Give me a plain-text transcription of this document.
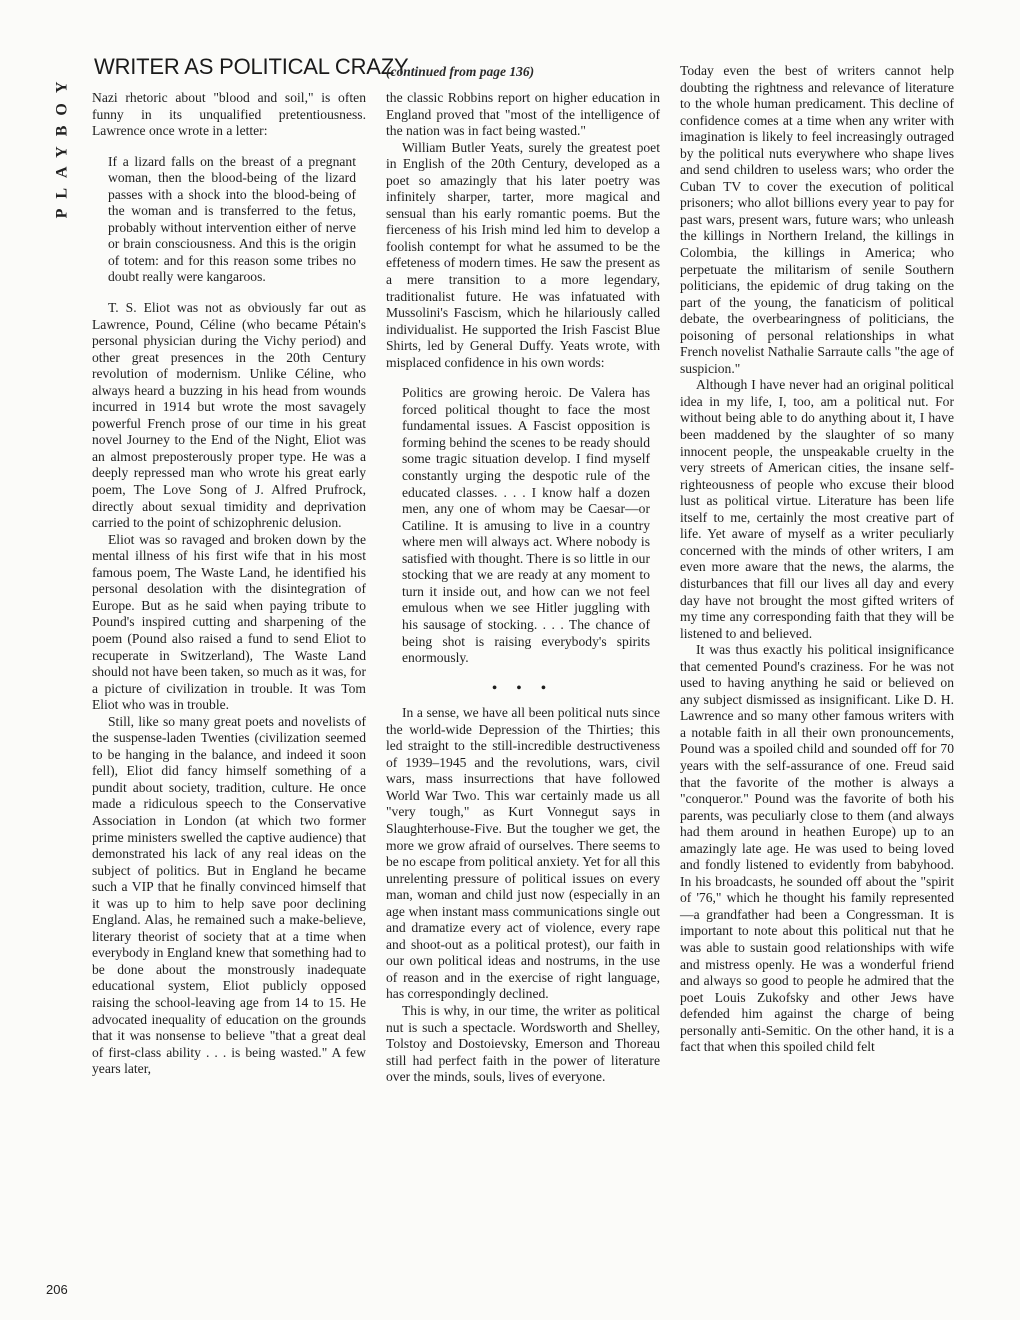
PLAYBOY
WRITER AS POLITICAL CRAZY
(continued from page 136)

Nazi rhetoric about "blood and soil," is often funny in its unqualified pretentiousness. Lawrence once wrote in a letter:

If a lizard falls on the breast of a pregnant woman, then the blood-being of the lizard passes with a shock into the blood-being of the woman and is transferred to the fetus, probably without intervention either of nerve or brain consciousness. And this is the origin of totem: and for this reason some tribes no doubt really were kangaroos.

T. S. Eliot was not as obviously far out as Lawrence, Pound, Céline (who became Pétain's personal physician during the Vichy period) and other great presences in the 20th Century revolution of modernism. Unlike Céline, who always heard a buzzing in his head from wounds incurred in 1914 but wrote the most savagely powerful French prose of our time in his great novel Journey to the End of the Night, Eliot was an almost preposterously proper type. He was a deeply repressed man who wrote his great early poem, The Love Song of J. Alfred Prufrock, directly about sexual timidity and deprivation carried to the point of schizophrenic delusion.

Eliot was so ravaged and broken down by the mental illness of his first wife that in his most famous poem, The Waste Land, he identified his personal desolation with the disintegration of Europe. But as he said when paying tribute to Pound's inspired cutting and sharpening of the poem (Pound also raised a fund to send Eliot to recuperate in Switzerland), The Waste Land should not have been taken, so much as it was, for a picture of civilization in trouble. It was Tom Eliot who was in trouble.

Still, like so many great poets and novelists of the suspense-laden Twenties (civilization seemed to be hanging in the balance, and indeed it soon fell), Eliot did fancy himself something of a pundit about society, tradition, culture. He once made a ridiculous speech to the Conservative Association in London (at which two former prime ministers swelled the captive audience) that demonstrated his lack of any real ideas on the subject of politics. But in England he became such a VIP that he finally convinced himself that it was up to him to help save poor declining England. Alas, he remained such a make-believe, literary theorist of society that at a time when everybody in England knew that something had to be done about the monstrously inadequate educational system, Eliot publicly opposed raising the school-leaving age from 14 to 15. He advocated inequality of education on the grounds that it was nonsense to believe "that a great deal of first-class ability . . . is being wasted." A few years later,

the classic Robbins report on higher education in England proved that "most of the intelligence of the nation was in fact being wasted."

William Butler Yeats, surely the greatest poet in English of the 20th Century, developed as a poet so amazingly that his later poetry was infinitely sharper, tarter, more magical and sensual than his early romantic poems. But the fierceness of his Irish mind led him to develop a foolish contempt for what he assumed to be the effeteness of modern times. He saw the present as a mere transition to a more legendary, traditionalist future. He was infatuated with Mussolini's Fascism, which he hilariously called individualist. He supported the Irish Fascist Blue Shirts, led by General Duffy. Yeats wrote, with misplaced confidence in his own words:

Politics are growing heroic. De Valera has forced political thought to face the most fundamental issues. A Fascist opposition is forming behind the scenes to be ready should some tragic situation develop. I find myself constantly urging the despotic rule of the educated classes. . . . I know half a dozen men, any one of whom may be Caesar—or Catiline. It is amusing to live in a country where men will always act. Where nobody is satisfied with thought. There is so little in our stocking that we are ready at any moment to turn it inside out, and how can we not feel emulous when we see Hitler juggling with his sausage of stocking. . . . The chance of being shot is raising everybody's spirits enormously.

• • •

In a sense, we have all been political nuts since the world-wide Depression of the Thirties; this led straight to the still-incredible destructiveness of 1939–1945 and the revolutions, wars, civil wars, mass insurrections that have followed World War Two. This war certainly made us all "very tough," as Kurt Vonnegut says in Slaughterhouse-Five. But the tougher we get, the more we grow afraid of ourselves. There seems to be no escape from political anxiety. Yet for all this unrelenting pressure of political issues on every man, woman and child just now (especially in an age when instant mass communications single out and dramatize every act of violence, every rape and shoot-out as a political protest), our faith in our own political ideas and nostrums, in the use of reason and in the exercise of right language, has correspondingly declined.

This is why, in our time, the writer as political nut is such a spectacle. Wordsworth and Shelley, Tolstoy and Dostoievsky, Emerson and Thoreau still had perfect faith in the power of literature over the minds, souls, lives of everyone.

Today even the best of writers cannot help doubting the rightness and relevance of literature to the whole human predicament. This decline of confidence comes at a time when any writer with imagination is likely to feel increasingly outraged by the political nuts everywhere who shape lives and send children to useless wars; who order the Cuban TV to cover the execution of political prisoners; who allot billions every year to pay for past wars, present wars, future wars; who unleash the killings in Northern Ireland, the killings in Colombia, the killings in America; who perpetuate the militarism of senile Southern politicians, the epidemic of drug taking on the part of the young, the fanaticism of political debate, the overbearingness of politicians, the poisoning of personal relationships in what French novelist Nathalie Sarraute calls "the age of suspicion."

Although I have never had an original political idea in my life, I, too, am a political nut. For without being able to do anything about it, I have been maddened by the slaughter of so many innocent people, the unspeakable cruelty in the very streets of American cities, the insane self-righteousness of people who excuse their blood lust as political virtue. Literature has been life itself to me, certainly the most creative part of life. Yet aware of myself as a writer peculiarly concerned with the minds of other writers, I am even more aware that the news, the alarms, the disturbances that fill our lives all day and every day have not brought the most gifted writers of my time any corresponding faith that they will be listened to and believed.

It was thus exactly his political insignificance that cemented Pound's craziness. For he was not used to having anything he said or believed on any subject dismissed as insignificant. Like D. H. Lawrence and so many other famous writers with a notable faith in all their own pronouncements, Pound was a spoiled child and sounded off for 70 years with the self-assurance of one. Freud said that the favorite of the mother is always a "conqueror." Pound was the favorite of both his parents, was peculiarly close to them (and always had them around in heathen Europe) up to an amazingly late age. He was used to being loved and fondly listened to evidently from babyhood. In his broadcasts, he sounded off about the "spirit of '76," which he thought his family represented—a grandfather had been a Congressman. It is important to note about this political nut that he was able to sustain good relationships with wife and mistress openly. He was a wonderful friend and always so good to people he admired that the poet Louis Zukofsky and other Jews have defended him against the charge of being personally anti-Semitic. On the other hand, it is a fact that when this spoiled child felt

206
